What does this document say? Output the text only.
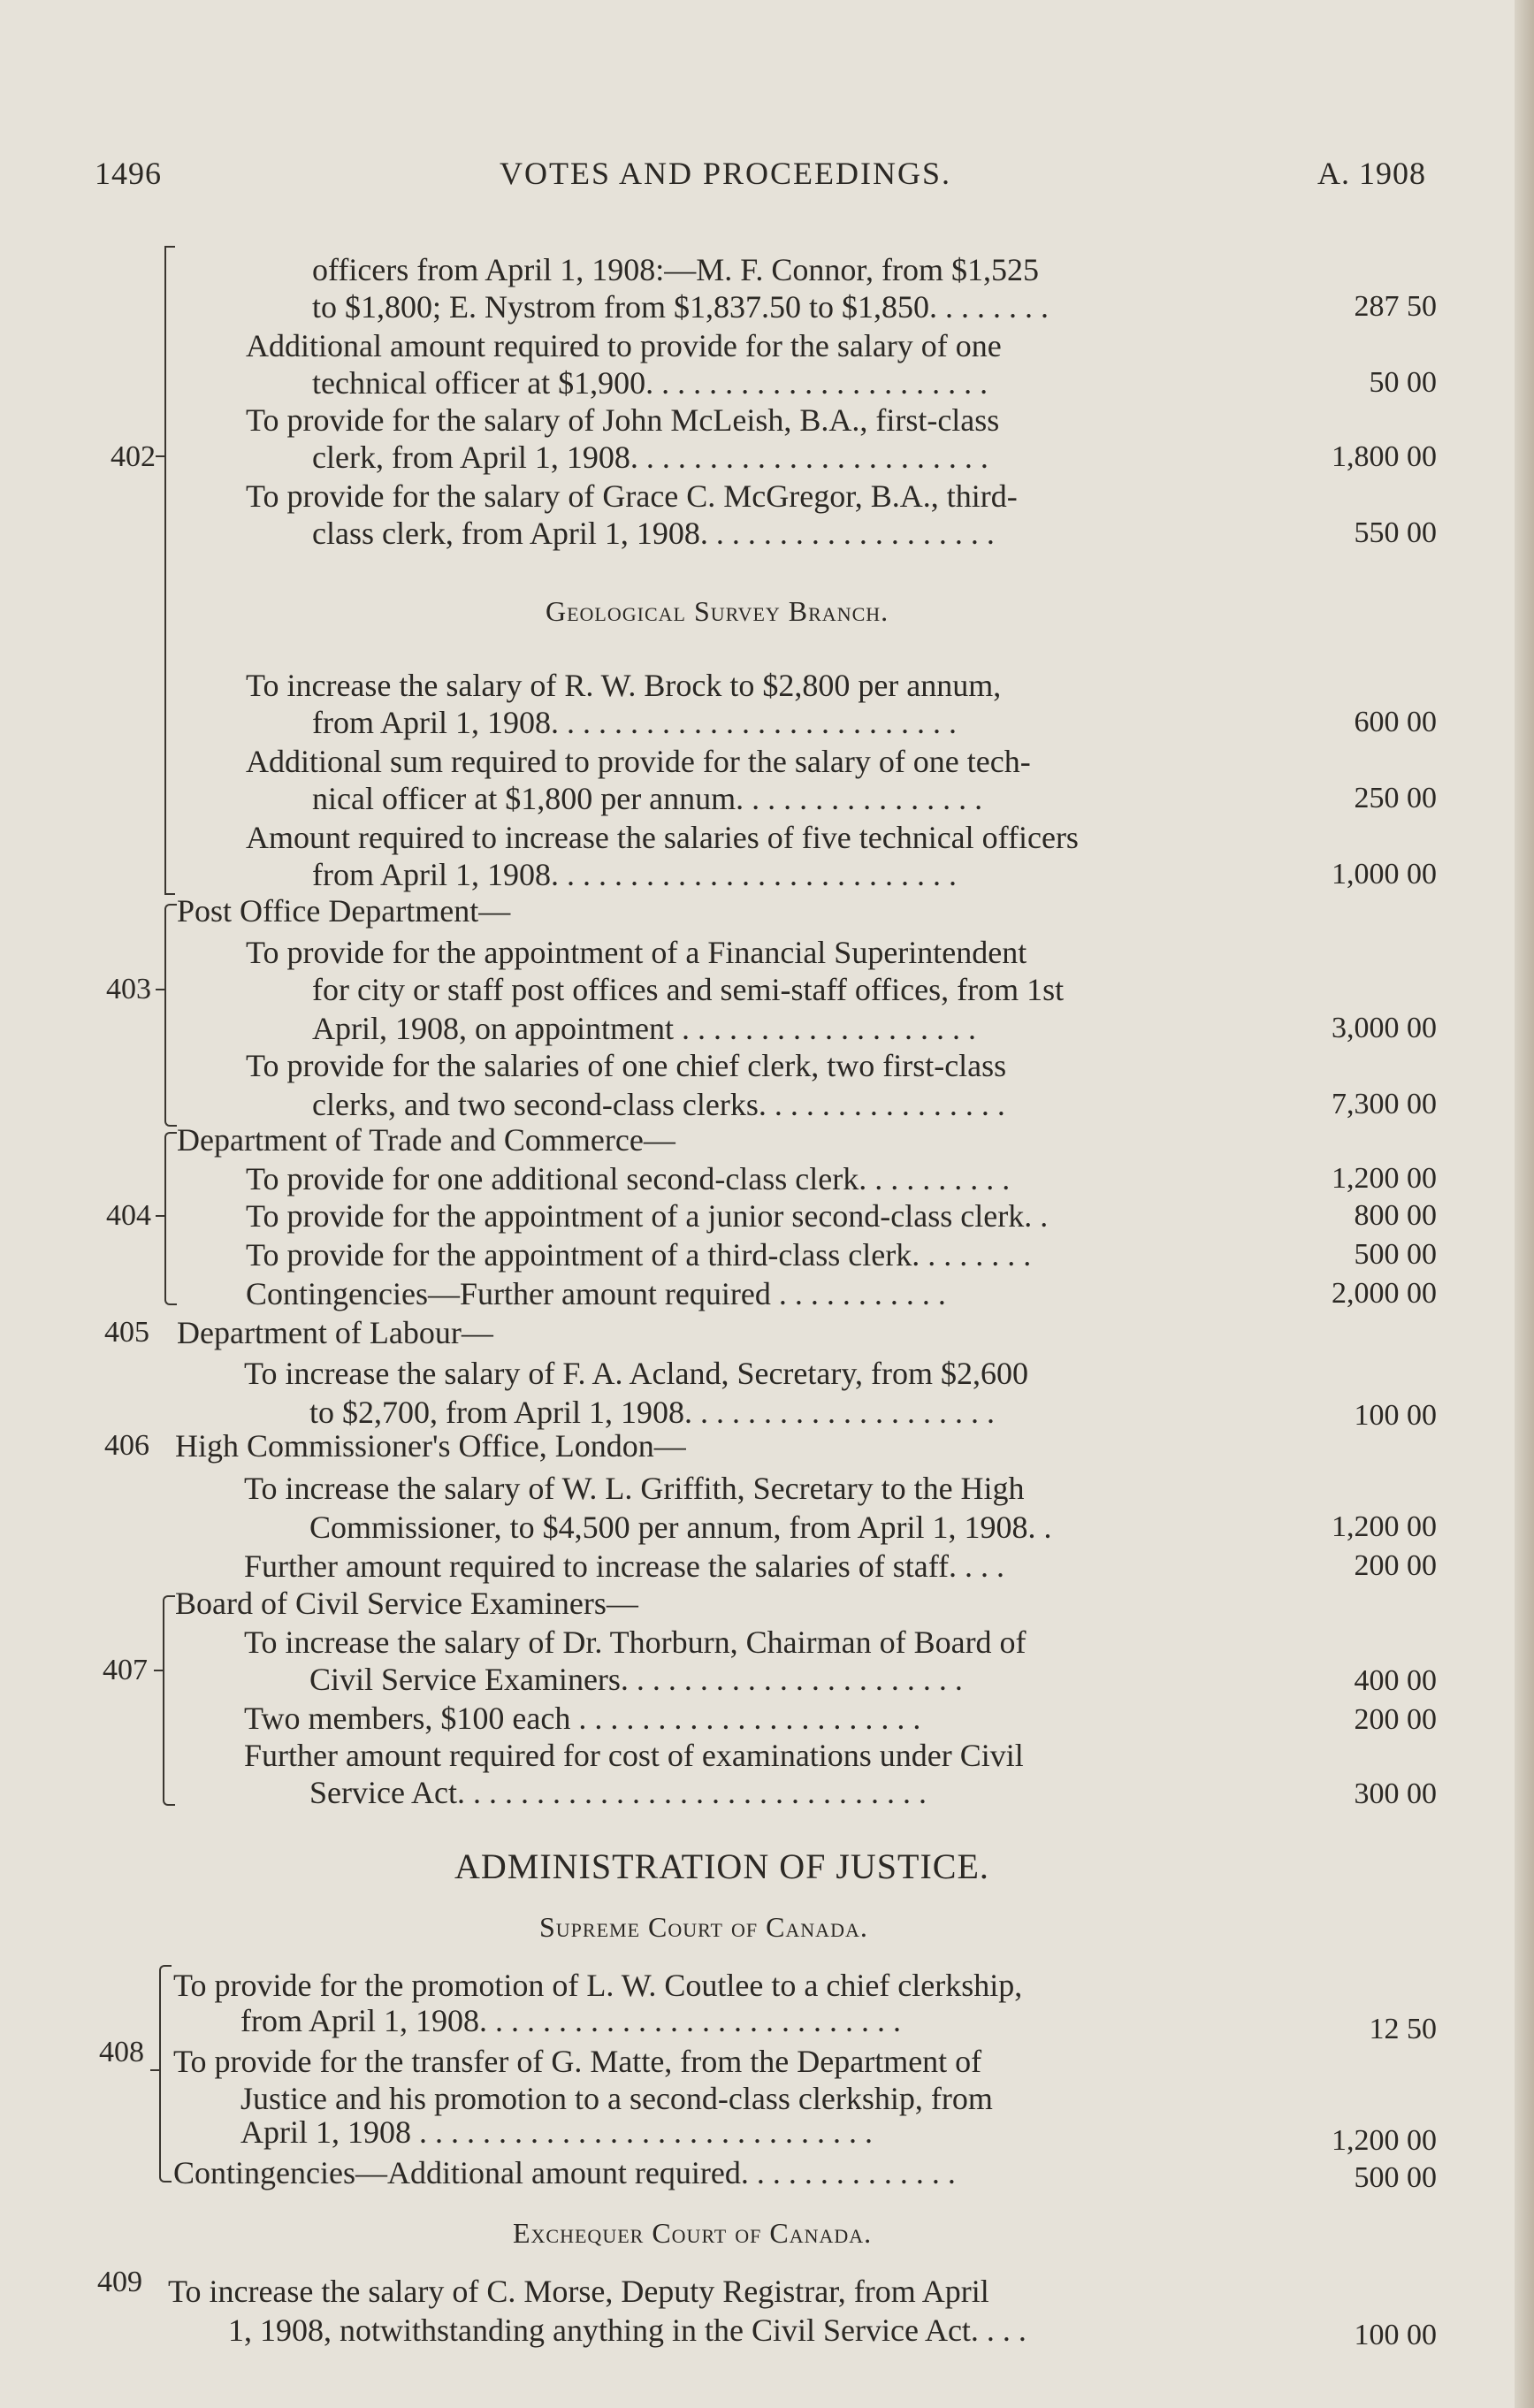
1496	VOTES AND PROCEEDINGS.	A. 1908
402
officers from April 1, 1908:—M. F. Connor, from $1,525
to $1,800; E. Nystrom from $1,837.50 to $1,850. . . . . . . .	287 50
Additional amount required to provide for the salary of one
technical officer at $1,900. . . . . . . . . . . . . . . . . . . . . .	50 00
To provide for the salary of John McLeish, B.A., first-class
clerk, from April 1, 1908. . . . . . . . . . . . . . . . . . . . . . .	1,800 00
To provide for the salary of Grace C. McGregor, B.A., third-
class clerk, from April 1, 1908. . . . . . . . . . . . . . . . . . .	550 00
Geological Survey Branch.
To increase the salary of R. W. Brock to $2,800 per annum,
from April 1, 1908. . . . . . . . . . . . . . . . . . . . . . . . . .	600 00
Additional sum required to provide for the salary of one tech-
nical officer at $1,800 per annum. . . . . . . . . . . . . . . .	250 00
Amount required to increase the salaries of five technical officers
from April 1, 1908. . . . . . . . . . . . . . . . . . . . . . . . . .	1,000 00
403
Post Office Department—
To provide for the appointment of a Financial Superintendent
for city or staff post offices and semi-staff offices, from 1st
April, 1908, on appointment . . . . . . . . . . . . . . . . . . .	3,000 00
To provide for the salaries of one chief clerk, two first-class
clerks, and two second-class clerks. . . . . . . . . . . . . . . .	7,300 00
404
Department of Trade and Commerce—
To provide for one additional second-class clerk. . . . . . . . . .	1,200 00
To provide for the appointment of a junior second-class clerk. .	800 00
To provide for the appointment of a third-class clerk. . . . . . . .	500 00
Contingencies—Further amount required . . . . . . . . . . .	2,000 00
405 Department of Labour—
To increase the salary of F. A. Acland, Secretary, from $2,600
to $2,700, from April 1, 1908. . . . . . . . . . . . . . . . . . . .	100 00
406 High Commissioner's Office, London—
To increase the salary of W. L. Griffith, Secretary to the High
Commissioner, to $4,500 per annum, from April 1, 1908. .	1,200 00
Further amount required to increase the salaries of staff. . . .	200 00
407
Board of Civil Service Examiners—
To increase the salary of Dr. Thorburn, Chairman of Board of
Civil Service Examiners. . . . . . . . . . . . . . . . . . . . . .	400 00
Two members, $100 each . . . . . . . . . . . . . . . . . . . . . .	200 00
Further amount required for cost of examinations under Civil
Service Act. . . . . . . . . . . . . . . . . . . . . . . . . . . . . .	300 00
ADMINISTRATION OF JUSTICE.
Supreme Court of Canada.
408
To provide for the promotion of L. W. Coutlee to a chief clerkship,
from April 1, 1908. . . . . . . . . . . . . . . . . . . . . . . . . . .	12 50
To provide for the transfer of G. Matte, from the Department of
Justice and his promotion to a second-class clerkship, from
April 1, 1908 . . . . . . . . . . . . . . . . . . . . . . . . . . . . .	1,200 00
Contingencies—Additional amount required. . . . . . . . . . . . . .	500 00
Exchequer Court of Canada.
409 To increase the salary of C. Morse, Deputy Registrar, from April
1, 1908, notwithstanding anything in the Civil Service Act. . . .	100 00
